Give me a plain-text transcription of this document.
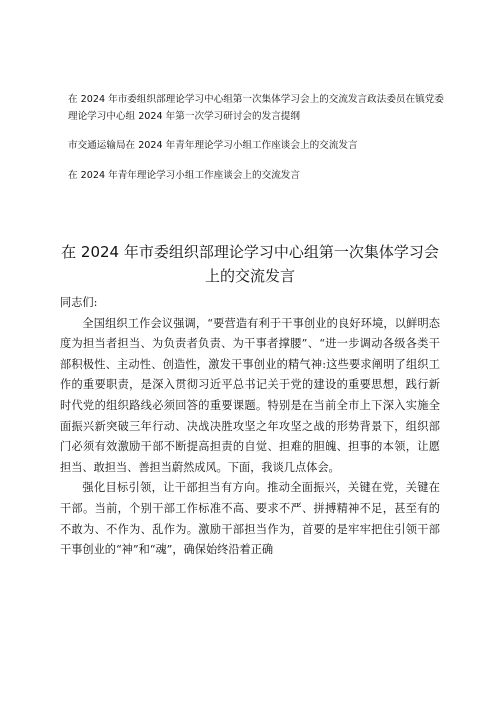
在 2024 年市委组织部理论学习中心组第一次集体学习会上的交流发言政法委员在镇党委理论学习中心组 2024 年第一次学习研讨会的发言提纲
市交通运输局在 2024 年青年理论学习小组工作座谈会上的交流发言
在 2024 年青年理论学习小组工作座谈会上的交流发言
在 2024 年市委组织部理论学习中心组第一次集体学习会
上的交流发言

同志们:

全国组织工作会议强调，“要营造有利于干事创业的良好环境，以鲜明态度为担当者担当、为负责者负责、为干事者撑腰”、“进一步调动各级各类干部积极性、主动性、创造性，激发干事创业的精气神:这些要求阐明了组织工作的重要职责，是深入贯彻习近平总书记关于党的建设的重要思想，践行新时代党的组织路线必须回答的重要课题。特别是在当前全市上下深入实施全面振兴新突破三年行动、决战决胜攻坚之年攻坚之战的形势背景下，组织部门必须有效激励干部不断提高担责的自觉、担难的胆魄、担事的本领，让愿担当、敢担当、善担当蔚然成风。下面，我谈几点体会。

强化目标引领，让干部担当有方向。推动全面振兴，关键在党，关键在干部。当前，个别干部工作标准不高、要求不严、拼搏精神不足，甚至有的不敢为、不作为、乱作为。激励干部担当作为，首要的是牢牢把住引领干部干事创业的“神”和“魂”，确保始终沿着正确
